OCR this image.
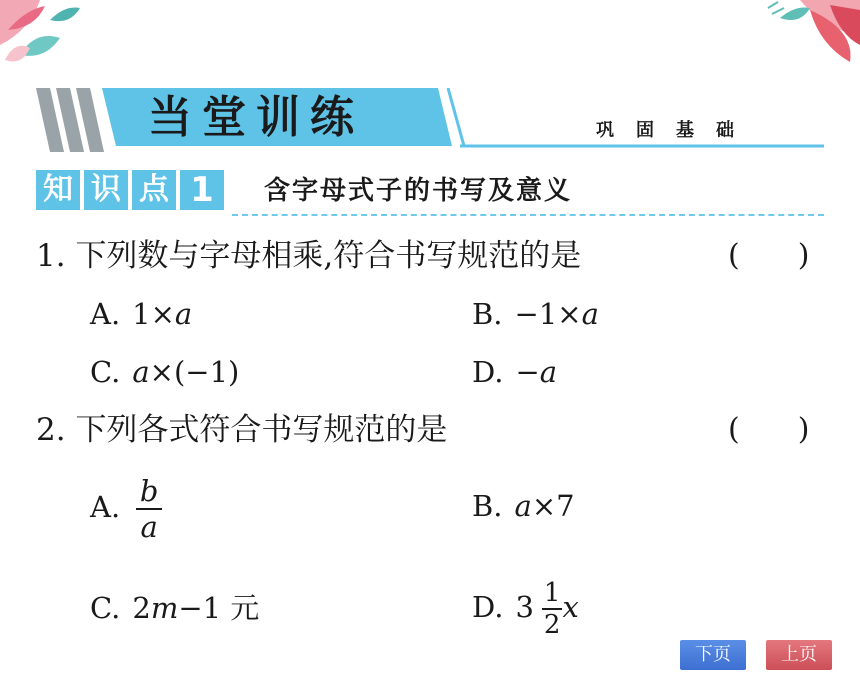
当堂训练	巩固基础
知 识 点 1	含字母式子的书写及意义
1. 下列数与字母相乘,符合书写规范的是	( )
A. 1×a	B. −1×a
C. a×(−1)	D. −a
2. 下列各式符合书写规范的是	( )
A. $\frac{b}{a}$	B. a×7
C. 2m−1 元	D. $3 \frac{1}{2}$ x
下页	上页
